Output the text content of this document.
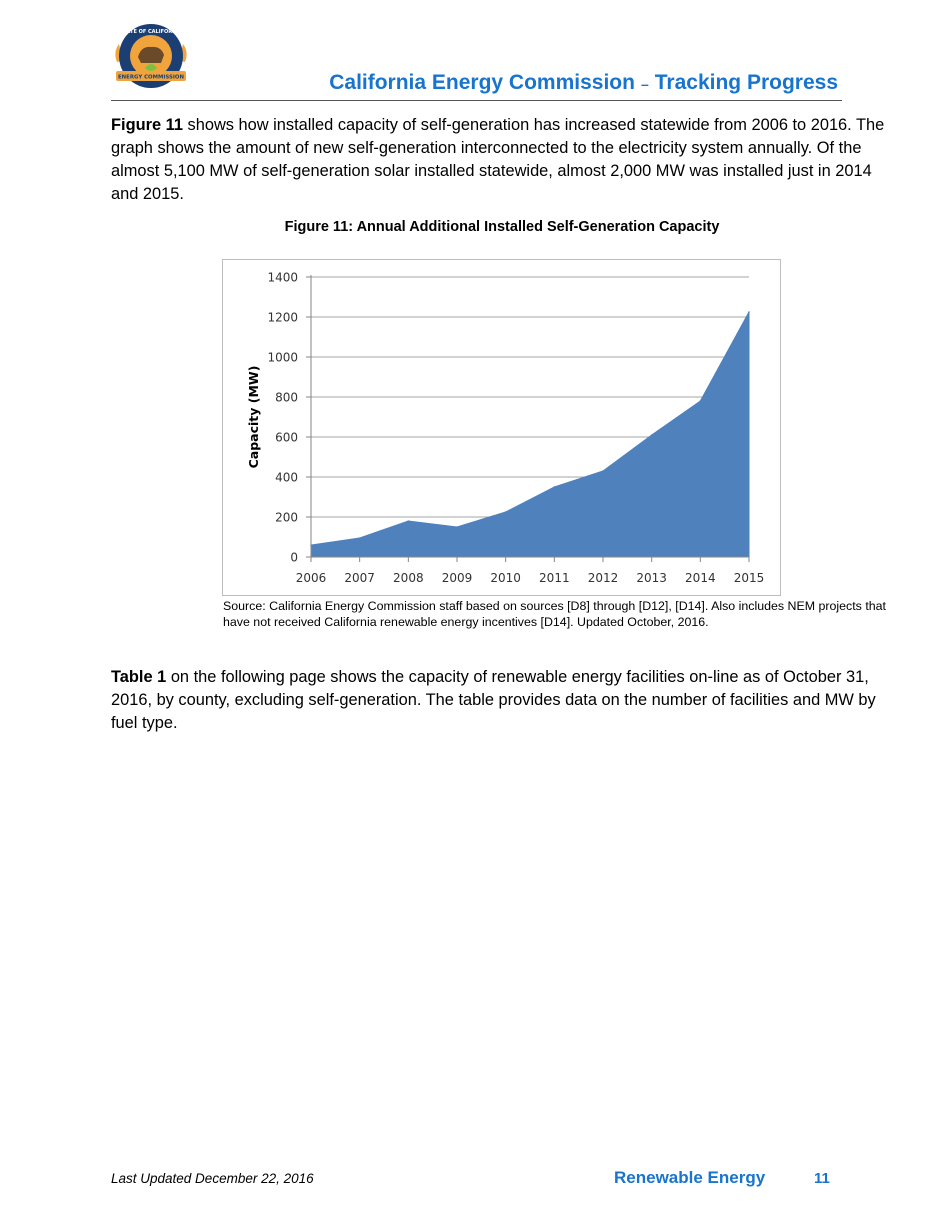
STATE OF CALIFORNIA
ENERGY COMMISSION	California Energy Commission – Tracking Progress

Figure 11 shows how installed capacity of self-generation has increased statewide from 2006 to 2016. The graph shows the amount of new self-generation interconnected to the electricity system annually. Of the almost 5,100 MW of self-generation solar installed statewide, almost 2,000 MW was installed just in 2014 and 2015.

Figure 11: Annual Additional Installed Self-Generation Capacity
0
200
400
600
800
1000
1200
1400
2006 2007 2008 2009 2010 2011 2012 2013 2014 2015
Capacity (MW)

Source: California Energy Commission staff based on sources [D8] through [D12], [D14]. Also includes NEM projects that have not received California renewable energy incentives [D14]. Updated October, 2016.

Table 1 on the following page shows the capacity of renewable energy facilities on-line as of October 31, 2016, by county, excluding self-generation. The table provides data on the number of facilities and MW by fuel type.

Last Updated December 22, 2016	Renewable Energy	11
